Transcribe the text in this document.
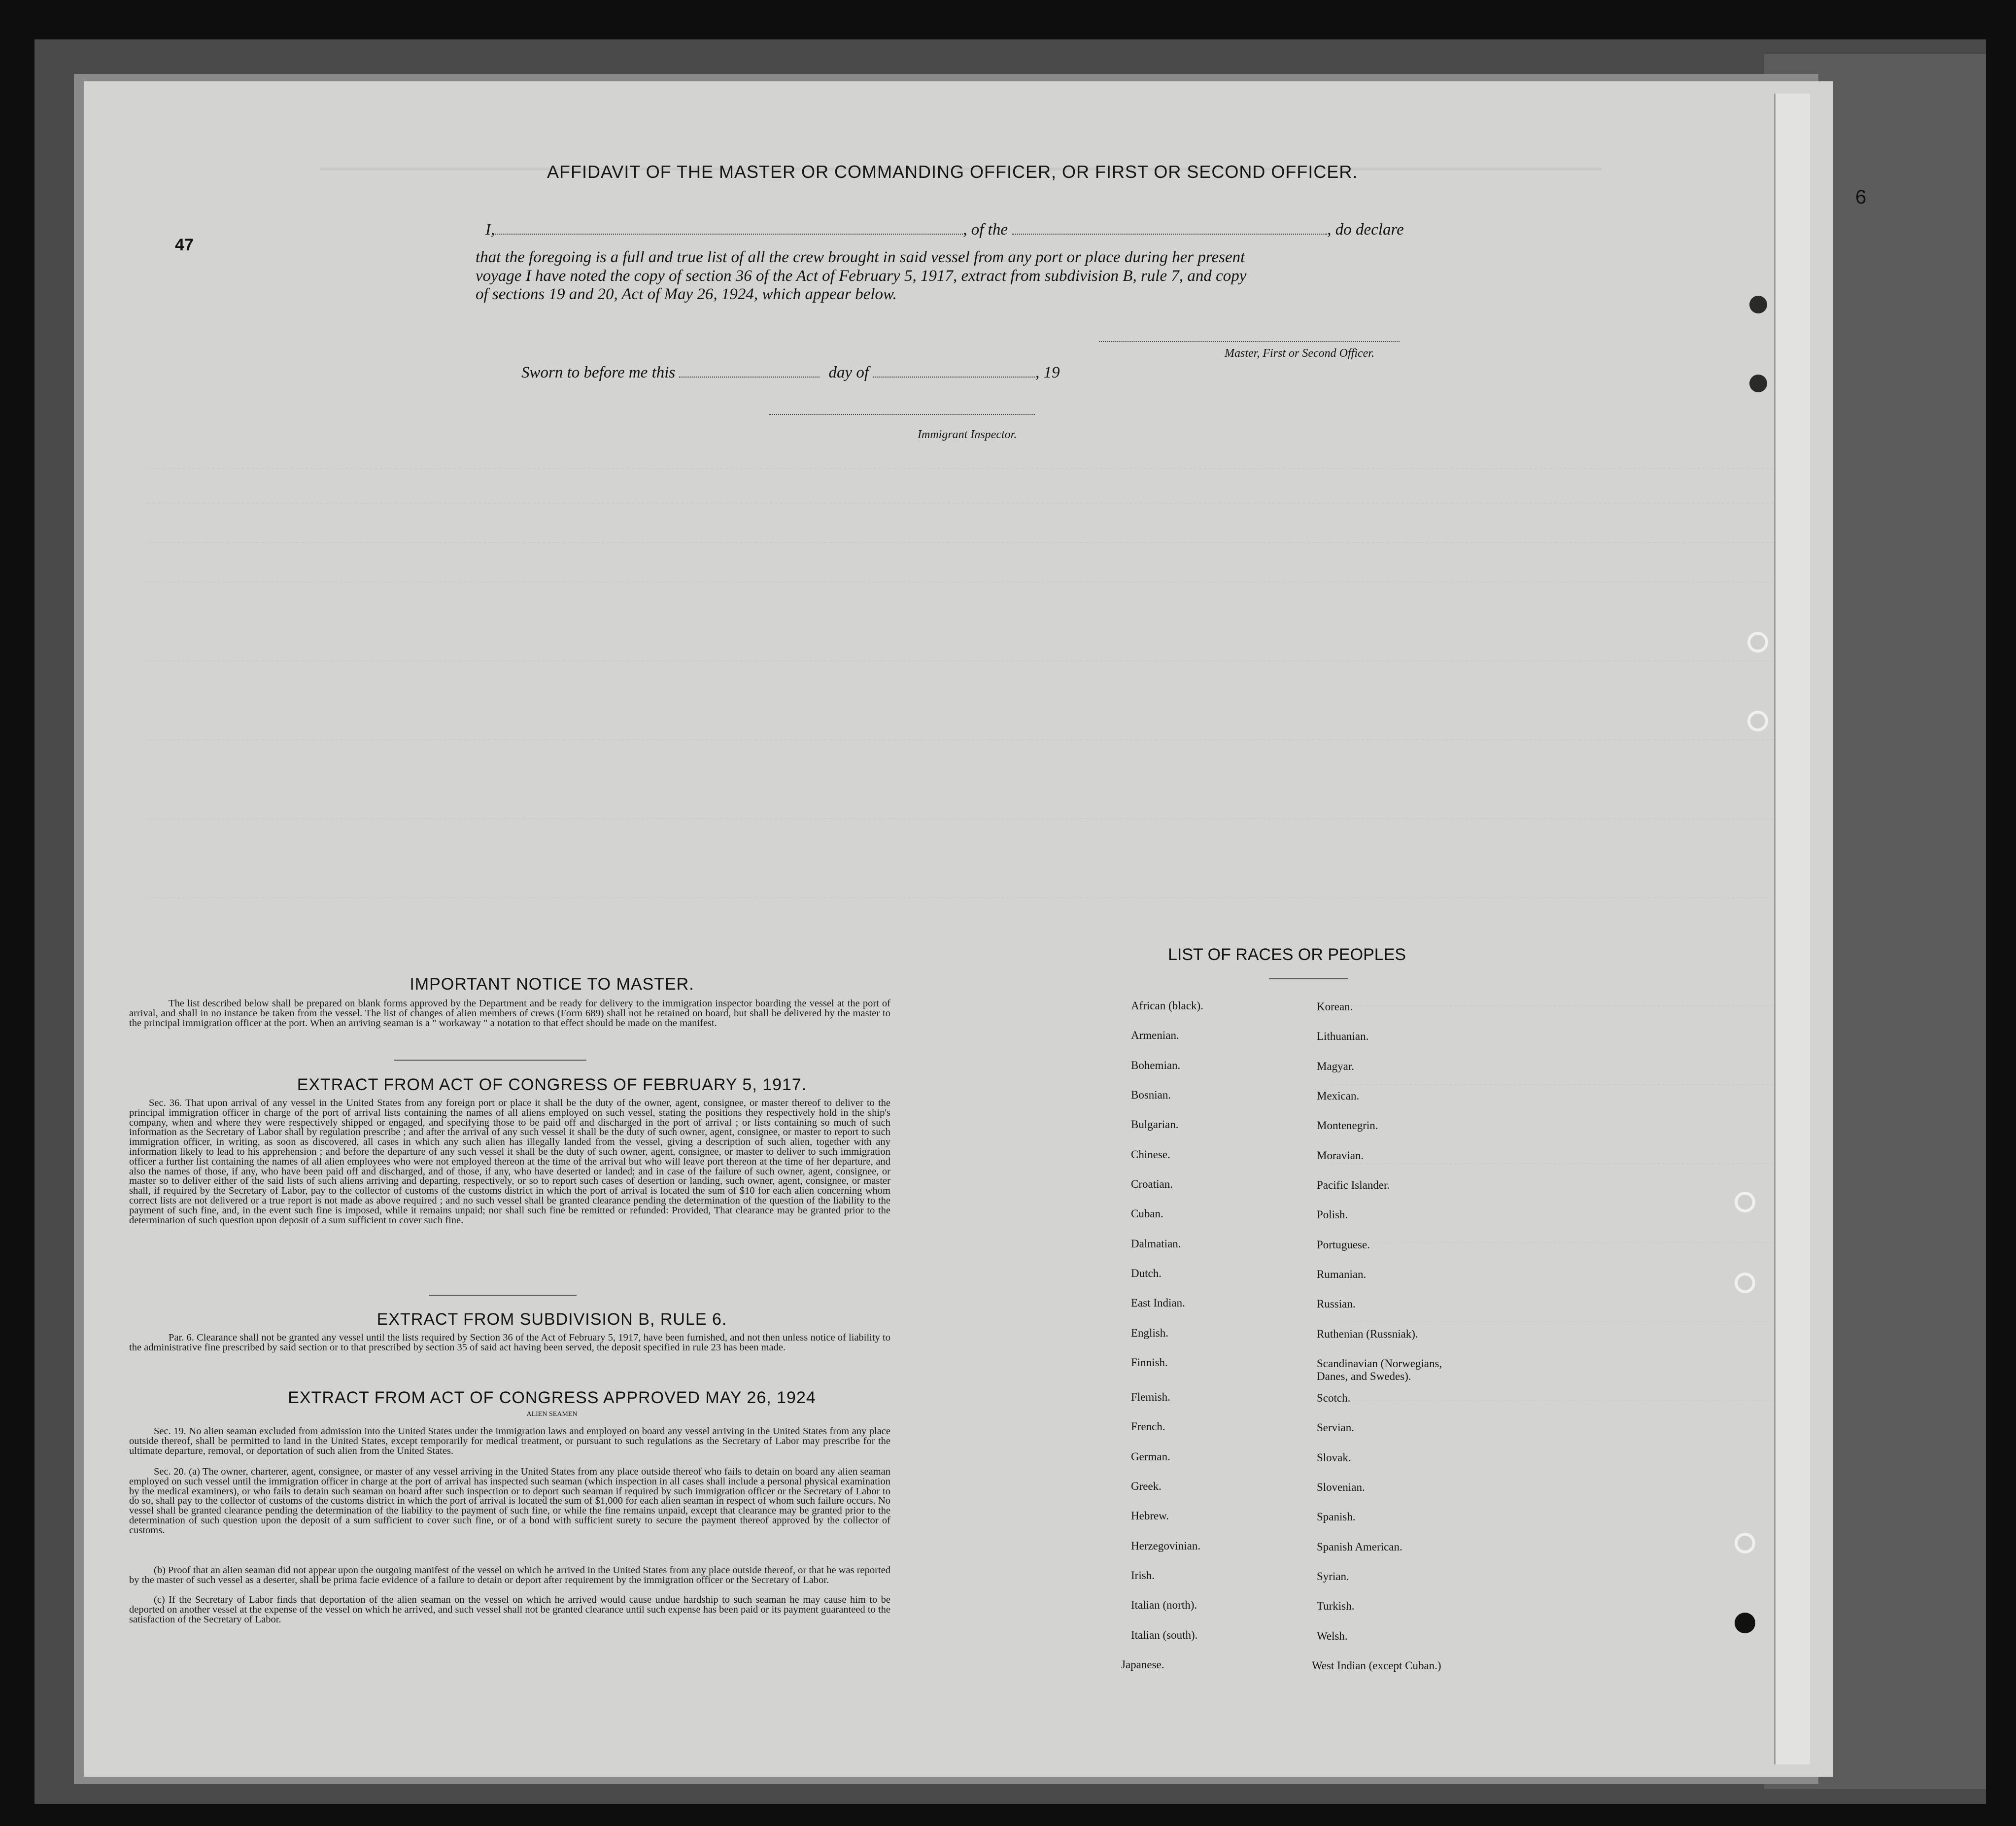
47
6
AFFIDAVIT OF THE MASTER OR COMMANDING OFFICER, OR FIRST OR SECOND OFFICER.
I,	, of the	, do declare
that the foregoing is a full and true list of all the crew brought in said vessel from any port or place during her present
voyage I have noted the copy of section 36 of the Act of February 5, 1917, extract from subdivision B, rule 7, and copy
of sections 19 and 20, Act of May 26, 1924, which appear below.
Master, First or Second Officer.
Sworn to before me this	day of	, 19
Immigrant Inspector.
IMPORTANT NOTICE TO MASTER.
The list described below shall be prepared on blank forms approved by the Department and be ready for delivery to the immigration inspector boarding the vessel at the port of arrival, and shall in no instance be taken from the vessel. The list of changes of alien members of crews (Form 689) shall not be retained on board, but shall be delivered by the master to the principal immigration officer at the port. When an arriving seaman is a " workaway " a notation to that effect should be made on the manifest.
EXTRACT FROM ACT OF CONGRESS OF FEBRUARY 5, 1917.
Sec. 36. That upon arrival of any vessel in the United States from any foreign port or place it shall be the duty of the owner, agent, consignee, or master thereof to deliver to the principal immigration officer in charge of the port of arrival lists containing the names of all aliens employed on such vessel, stating the positions they respectively hold in the ship's company, when and where they were respectively shipped or engaged, and specifying those to be paid off and discharged in the port of arrival ; or lists containing so much of such information as the Secretary of Labor shall by regulation prescribe ; and after the arrival of any such vessel it shall be the duty of such owner, agent, consignee, or master to report to such immigration officer, in writing, as soon as discovered, all cases in which any such alien has illegally landed from the vessel, giving a description of such alien, together with any information likely to lead to his apprehension ; and before the departure of any such vessel it shall be the duty of such owner, agent, consignee, or master to deliver to such immigration officer a further list containing the names of all alien employees who were not employed thereon at the time of the arrival but who will leave port thereon at the time of her departure, and also the names of those, if any, who have been paid off and discharged, and of those, if any, who have deserted or landed; and in case of the failure of such owner, agent, consignee, or master so to deliver either of the said lists of such aliens arriving and departing, respectively, or so to report such cases of desertion or landing, such owner, agent, consignee, or master shall, if required by the Secretary of Labor, pay to the collector of customs of the customs district in which the port of arrival is located the sum of $10 for each alien concerning whom correct lists are not delivered or a true report is not made as above required ; and no such vessel shall be granted clearance pending the determination of the question of the liability to the payment of such fine, and, in the event such fine is imposed, while it remains unpaid; nor shall such fine be remitted or refunded: Provided, That clearance may be granted prior to the determination of such question upon deposit of a sum sufficient to cover such fine.
EXTRACT FROM SUBDIVISION B, RULE 6.
Par. 6. Clearance shall not be granted any vessel until the lists required by Section 36 of the Act of February 5, 1917, have been furnished, and not then unless notice of liability to the administrative fine prescribed by said section or to that prescribed by section 35 of said act having been served, the deposit specified in rule 23 has been made.
EXTRACT FROM ACT OF CONGRESS APPROVED MAY 26, 1924
ALIEN SEAMEN
Sec. 19. No alien seaman excluded from admission into the United States under the immigration laws and employed on board any vessel arriving in the United States from any place outside thereof, shall be permitted to land in the United States, except temporarily for medical treatment, or pursuant to such regulations as the Secretary of Labor may prescribe for the ultimate departure, removal, or deportation of such alien from the United States.
Sec. 20. (a) The owner, charterer, agent, consignee, or master of any vessel arriving in the United States from any place outside thereof who fails to detain on board any alien seaman employed on such vessel until the immigration officer in charge at the port of arrival has inspected such seaman (which inspection in all cases shall include a personal physical examination by the medical examiners), or who fails to detain such seaman on board after such inspection or to deport such seaman if required by such immigration officer or the Secretary of Labor to do so, shall pay to the collector of customs of the customs district in which the port of arrival is located the sum of $1,000 for each alien seaman in respect of whom such failure occurs. No vessel shall be granted clearance pending the determination of the liability to the payment of such fine, or while the fine remains unpaid, except that clearance may be granted prior to the determination of such question upon the deposit of a sum sufficient to cover such fine, or of a bond with sufficient surety to secure the payment thereof approved by the collector of customs.
(b) Proof that an alien seaman did not appear upon the outgoing manifest of the vessel on which he arrived in the United States from any place outside thereof, or that he was reported by the master of such vessel as a deserter, shall be prima facie evidence of a failure to detain or deport after requirement by the immigration officer or the Secretary of Labor.
(c) If the Secretary of Labor finds that deportation of the alien seaman on the vessel on which he arrived would cause undue hardship to such seaman he may cause him to be deported on another vessel at the expense of the vessel on which he arrived, and such vessel shall not be granted clearance until such expense has been paid or its payment guaranteed to the satisfaction of the Secretary of Labor.
LIST OF RACES OR PEOPLES
African (black).
Armenian.
Bohemian.
Bosnian.
Bulgarian.
Chinese.
Croatian.
Cuban.
Dalmatian.
Dutch.
East Indian.
English.
Finnish.
Flemish.
French.
German.
Greek.
Hebrew.
Herzegovinian.
Irish.
Italian (north).
Italian (south).
Japanese.
Korean.
Lithuanian.
Magyar.
Mexican.
Montenegrin.
Moravian.
Pacific Islander.
Polish.
Portuguese.
Rumanian.
Russian.
Ruthenian (Russniak).
Scandinavian (Norwegians,
Danes, and Swedes).
Scotch.
Servian.
Slovak.
Slovenian.
Spanish.
Spanish American.
Syrian.
Turkish.
Welsh.
West Indian (except Cuban.)
